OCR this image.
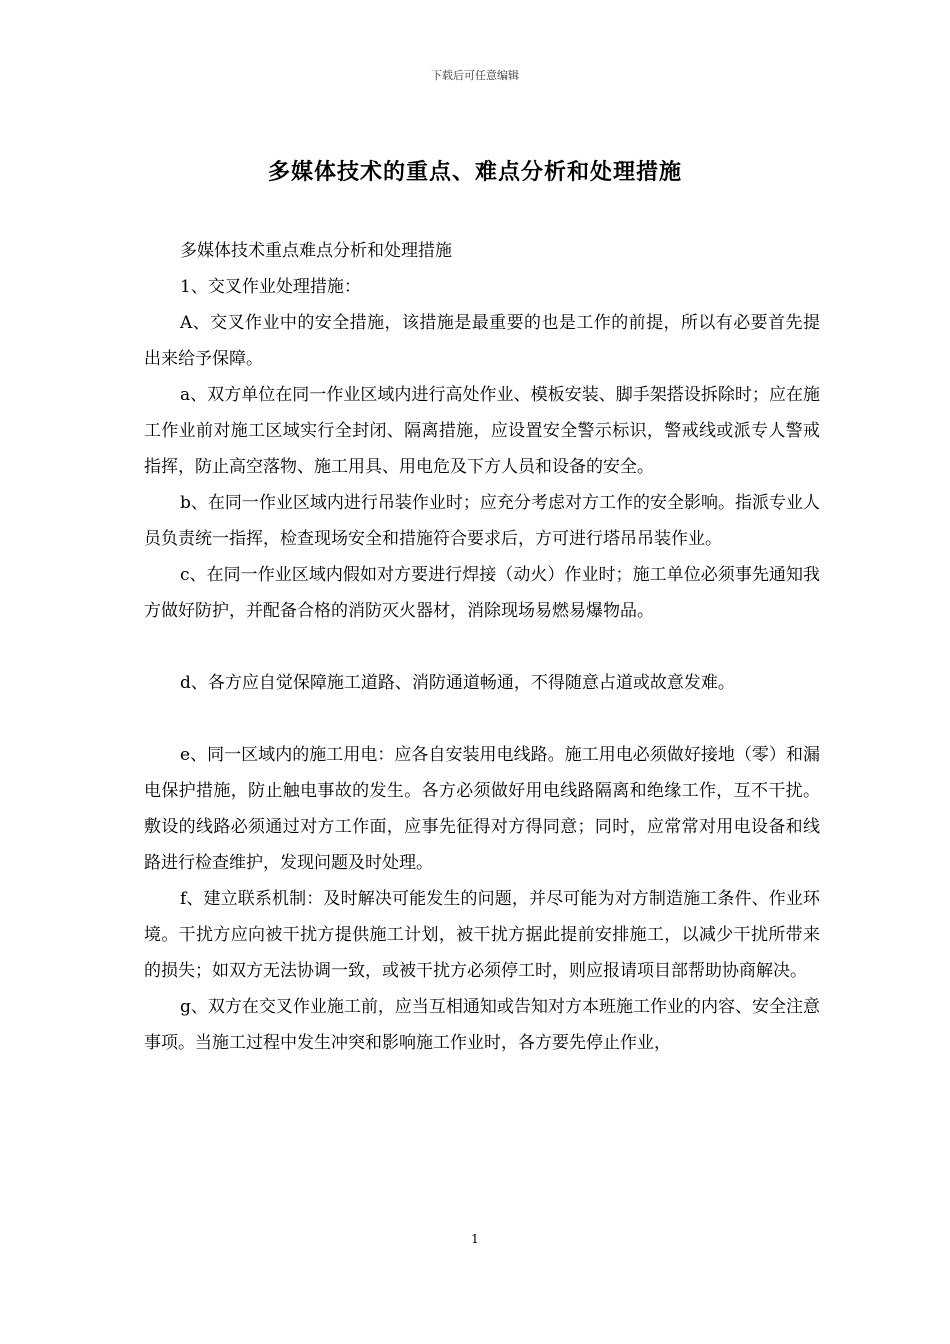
下载后可任意编辑
多媒体技术的重点、难点分析和处理措施

多媒体技术重点难点分析和处理措施

1、交叉作业处理措施：

A、交叉作业中的安全措施，该措施是最重要的也是工作的前提，所以有必要首先提出来给予保障。

a、双方单位在同一作业区域内进行高处作业、模板安装、脚手架搭设拆除时；应在施工作业前对施工区域实行全封闭、隔离措施，应设置安全警示标识，警戒线或派专人警戒指挥，防止高空落物、施工用具、用电危及下方人员和设备的安全。

b、在同一作业区域内进行吊装作业时；应充分考虑对方工作的安全影响。指派专业人员负责统一指挥，检查现场安全和措施符合要求后，方可进行塔吊吊装作业。

c、在同一作业区域内假如对方要进行焊接（动火）作业时；施工单位必须事先通知我方做好防护，并配备合格的消防灭火器材，消除现场易燃易爆物品。

d、各方应自觉保障施工道路、消防通道畅通，不得随意占道或故意发难。

e、同一区域内的施工用电：应各自安装用电线路。施工用电必须做好接地（零）和漏电保护措施，防止触电事故的发生。各方必须做好用电线路隔离和绝缘工作，互不干扰。敷设的线路必须通过对方工作面，应事先征得对方得同意；同时，应常常对用电设备和线路进行检查维护，发现问题及时处理。

f、建立联系机制：及时解决可能发生的问题，并尽可能为对方制造施工条件、作业环境。干扰方应向被干扰方提供施工计划，被干扰方据此提前安排施工，以减少干扰所带来的损失；如双方无法协调一致，或被干扰方必须停工时，则应报请项目部帮助协商解决。

g、双方在交叉作业施工前，应当互相通知或告知对方本班施工作业的内容、安全注意事项。当施工过程中发生冲突和影响施工作业时，各方要先停止作业，

1
